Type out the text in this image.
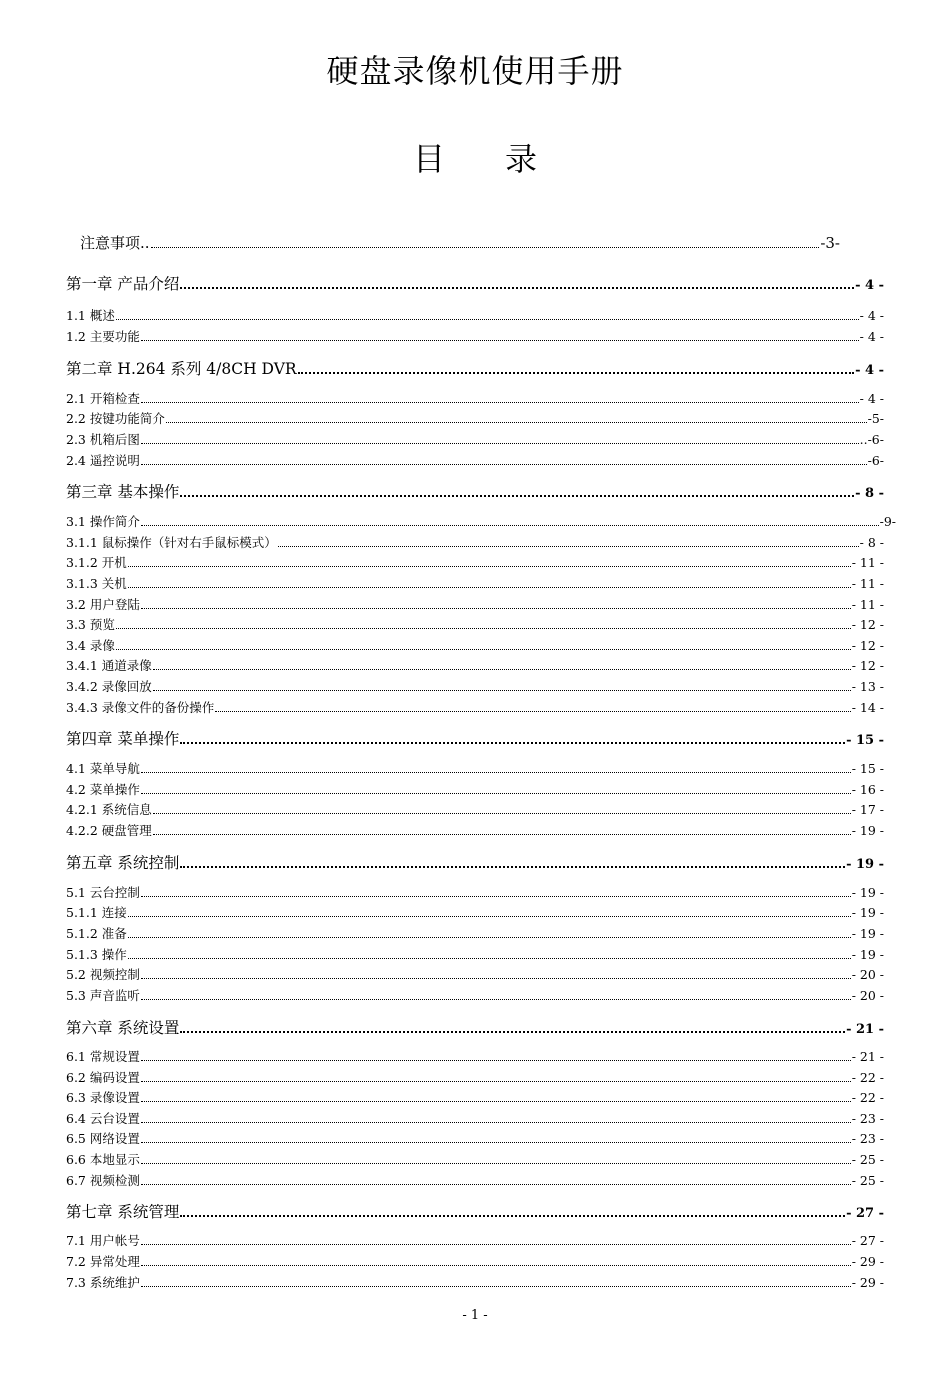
硬盘录像机使用手册
目 录
注意事项..	-3-
第一章 产品介绍	- 4 -
1.1 概述	- 4 -
1.2 主要功能	- 4 -
第二章 H.264 系列 4/8CH DVR	- 4 -
2.1 开箱检查	- 4 -
2.2 按键功能简介	-5-
2.3 机箱后图	..-6-
2.4 遥控说明	-6-
第三章 基本操作	- 8 -
3.1 操作简介	-9-
3.1.1 鼠标操作（针对右手鼠标模式）	- 8 -
3.1.2 开机	- 11 -
3.1.3 关机	- 11 -
3.2 用户登陆	- 11 -
3.3 预览	- 12 -
3.4 录像	- 12 -
3.4.1 通道录像	- 12 -
3.4.2 录像回放	- 13 -
3.4.3 录像文件的备份操作	- 14 -
第四章 菜单操作	- 15 -
4.1 菜单导航	- 15 -
4.2 菜单操作	- 16 -
4.2.1 系统信息	- 17 -
4.2.2 硬盘管理	- 19 -
第五章 系统控制	- 19 -
5.1 云台控制	- 19 -
5.1.1 连接	- 19 -
5.1.2 准备	- 19 -
5.1.3 操作	- 19 -
5.2 视频控制	- 20 -
5.3 声音监听	- 20 -
第六章 系统设置	- 21 -
6.1 常规设置	- 21 -
6.2 编码设置	- 22 -
6.3 录像设置	- 22 -
6.4 云台设置	- 23 -
6.5 网络设置	- 23 -
6.6 本地显示	- 25 -
6.7 视频检测	- 25 -
第七章 系统管理	- 27 -
7.1 用户帐号	- 27 -
7.2 异常处理	- 29 -
7.3 系统维护	- 29 -
- 1 -
